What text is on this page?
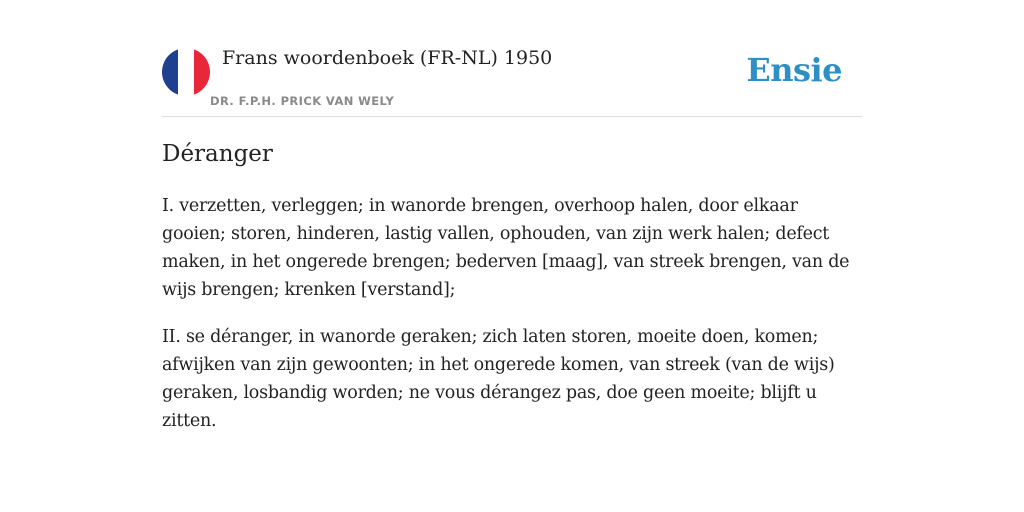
Frans woordenboek (FR-NL) 1950
DR. F.P.H. PRICK VAN WELY
Ensie
Déranger

I. verzetten, verleggen; in wanorde brengen, overhoop halen, door elkaar gooien; storen, hinderen, lastig vallen, ophouden, van zijn werk halen; defect maken, in het ongerede brengen; bederven [maag], van streek brengen, van de wijs brengen; krenken [verstand];

II. se déranger, in wanorde geraken; zich laten storen, moeite doen, komen; afwijken van zijn gewoonten; in het ongerede komen, van streek (van de wijs) geraken, losbandig worden; ne vous dérangez pas, doe geen moeite; blijft u zitten.
